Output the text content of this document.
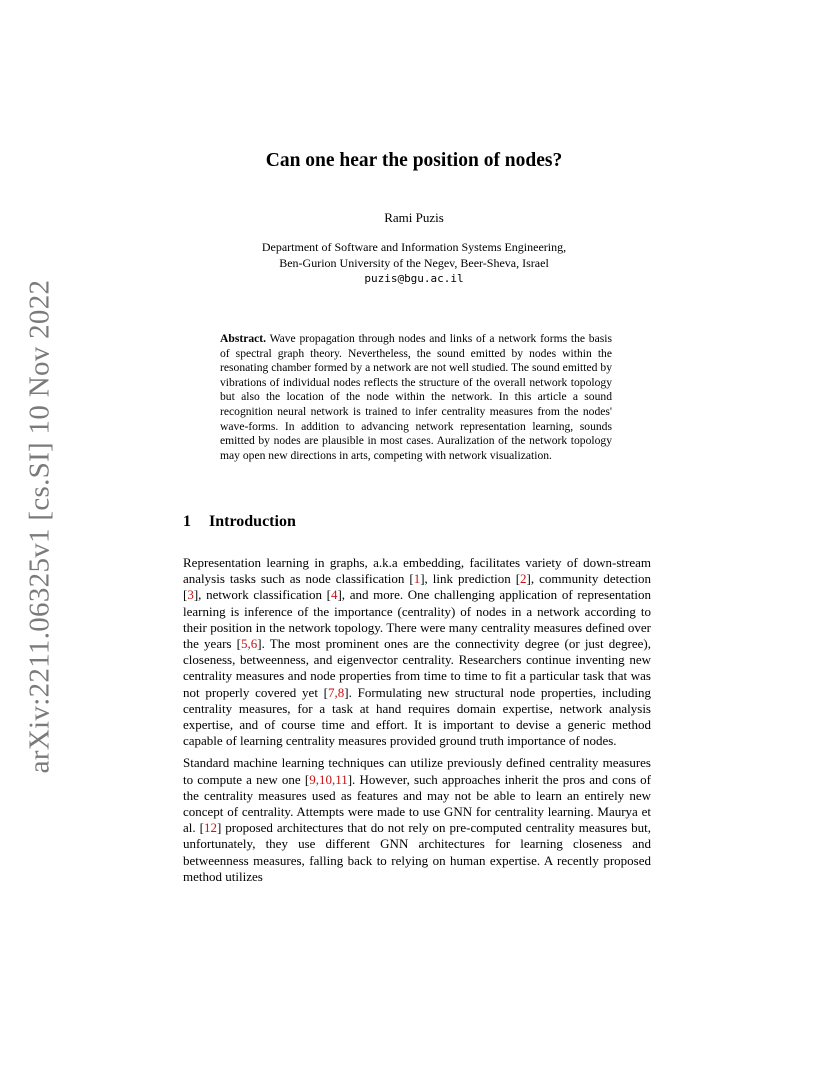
arXiv:2211.06325v1 [cs.SI] 10 Nov 2022
Can one hear the position of nodes?
Rami Puzis
Department of Software and Information Systems Engineering,
Ben-Gurion University of the Negev, Beer-Sheva, Israel
puzis@bgu.ac.il
Abstract. Wave propagation through nodes and links of a network forms the basis of spectral graph theory. Nevertheless, the sound emitted by nodes within the resonating chamber formed by a network are not well studied. The sound emitted by vibrations of individual nodes reflects the structure of the overall network topology but also the location of the node within the network. In this article a sound recognition neural network is trained to infer centrality measures from the nodes' wave-forms. In addition to advancing network representation learning, sounds emitted by nodes are plausible in most cases. Auralization of the network topology may open new directions in arts, competing with network visualization.
1 Introduction

Representation learning in graphs, a.k.a embedding, facilitates variety of down-stream analysis tasks such as node classification [1], link prediction [2], community detection [3], network classification [4], and more. One challenging application of representation learning is inference of the importance (centrality) of nodes in a network according to their position in the network topology. There were many centrality measures defined over the years [5,6]. The most prominent ones are the connectivity degree (or just degree), closeness, betweenness, and eigenvector centrality. Researchers continue inventing new centrality measures and node properties from time to time to fit a particular task that was not properly covered yet [7,8]. Formulating new structural node properties, including centrality measures, for a task at hand requires domain expertise, network analysis expertise, and of course time and effort. It is important to devise a generic method capable of learning centrality measures provided ground truth importance of nodes.

Standard machine learning techniques can utilize previously defined centrality measures to compute a new one [9,10,11]. However, such approaches inherit the pros and cons of the centrality measures used as features and may not be able to learn an entirely new concept of centrality. Attempts were made to use GNN for centrality learning. Maurya et al. [12] proposed architectures that do not rely on pre-computed centrality measures but, unfortunately, they use different GNN architectures for learning closeness and betweenness measures, falling back to relying on human expertise. A recently proposed method utilizes
